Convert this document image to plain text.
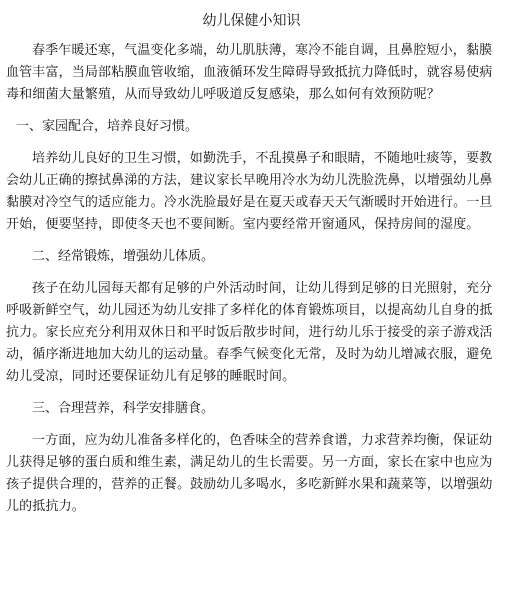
幼儿保健小知识

春季乍暖还寒，气温变化多端，幼儿肌肤薄，寒冷不能自调，且鼻腔短小，黏膜血管丰富，当局部粘膜血管收缩，血液循环发生障碍导致抵抗力降低时，就容易使病毒和细菌大量繁殖，从而导致幼儿呼吸道反复感染，那么如何有效预防呢？

一、家园配合，培养良好习惯。

培养幼儿良好的卫生习惯，如勤洗手，不乱摸鼻子和眼睛，不随地吐痰等，要教会幼儿正确的擦拭鼻涕的方法，建议家长早晚用冷水为幼儿洗脸洗鼻，以增强幼儿鼻黏膜对冷空气的适应能力。冷水洗脸最好是在夏天或春天天气渐暖时开始进行。一旦开始，便要坚持，即使冬天也不要间断。室内要经常开窗通风，保持房间的湿度。

二、经常锻炼，增强幼儿体质。

孩子在幼儿园每天都有足够的户外活动时间，让幼儿得到足够的日光照射，充分呼吸新鲜空气，幼儿园还为幼儿安排了多样化的体育锻炼项目，以提高幼儿自身的抵抗力。家长应充分利用双休日和平时饭后散步时间，进行幼儿乐于接受的亲子游戏活动，循序渐进地加大幼儿的运动量。春季气候变化无常，及时为幼儿增减衣服，避免幼儿受凉，同时还要保证幼儿有足够的睡眠时间。

三、合理营养，科学安排膳食。

一方面，应为幼儿准备多样化的，色香味全的营养食谱，力求营养均衡，保证幼儿获得足够的蛋白质和维生素，满足幼儿的生长需要。另一方面，家长在家中也应为孩子提供合理的，营养的正餐。鼓励幼儿多喝水，多吃新鲜水果和蔬菜等，以增强幼儿的抵抗力。
